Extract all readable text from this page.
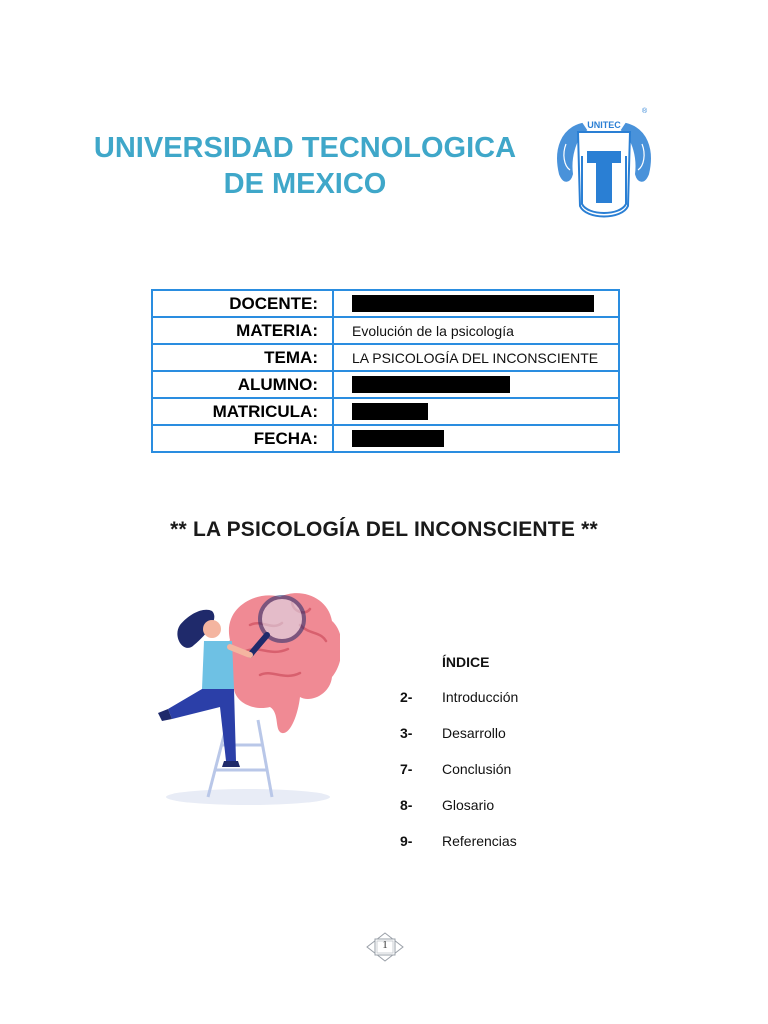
UNIVERSIDAD TECNOLOGICA
DE MEXICO
UNITEC
®
DOCENTE:	
MATERIA:	Evolución de la psicología
TEMA:	LA PSICOLOGÍA DEL INCONSCIENTE
ALUMNO:	
MATRICULA:	
FECHA:	
** LA PSICOLOGÍA DEL INCONSCIENTE **
ÍNDICE
2- Introducción
3- Desarrollo
7- Conclusión
8- Glosario
9- Referencias
1
